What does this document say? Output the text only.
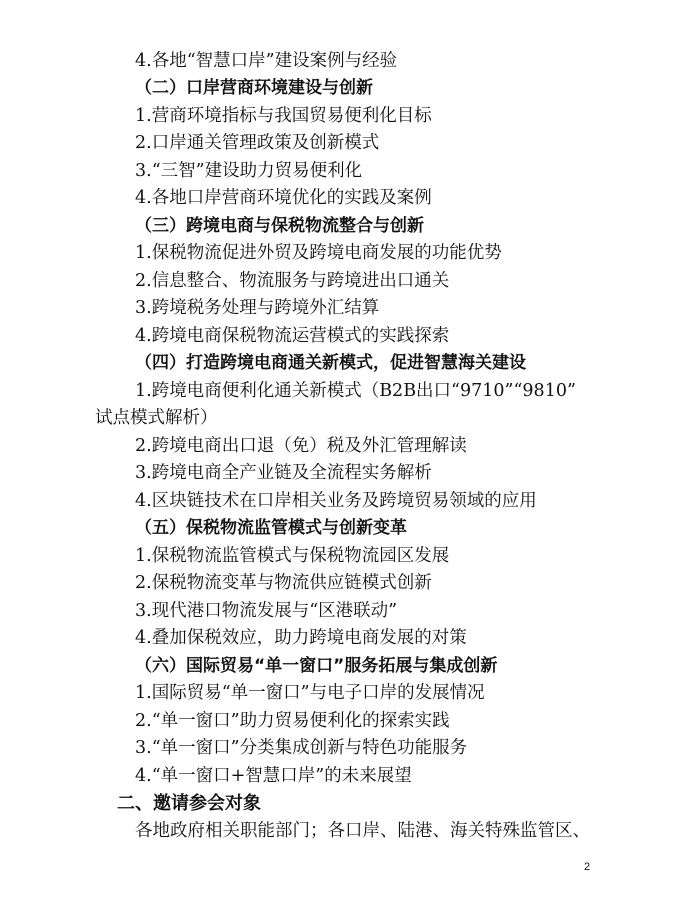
4.各地“智慧口岸”建设案例与经验
（二）口岸营商环境建设与创新
1.营商环境指标与我国贸易便利化目标
2.口岸通关管理政策及创新模式
3.“三智”建设助力贸易便利化
4.各地口岸营商环境优化的实践及案例
（三）跨境电商与保税物流整合与创新
1.保税物流促进外贸及跨境电商发展的功能优势
2.信息整合、物流服务与跨境进出口通关
3.跨境税务处理与跨境外汇结算
4.跨境电商保税物流运营模式的实践探索
（四）打造跨境电商通关新模式，促进智慧海关建设
1.跨境电商便利化通关新模式（B2B出口“9710”“9810”
试点模式解析）
2.跨境电商出口退（免）税及外汇管理解读
3.跨境电商全产业链及全流程实务解析
4.区块链技术在口岸相关业务及跨境贸易领域的应用
（五）保税物流监管模式与创新变革
1.保税物流监管模式与保税物流园区发展
2.保税物流变革与物流供应链模式创新
3.现代港口物流发展与“区港联动”
4.叠加保税效应，助力跨境电商发展的对策
（六）国际贸易“单一窗口”服务拓展与集成创新
1.国际贸易“单一窗口”与电子口岸的发展情况
2.“单一窗口”助力贸易便利化的探索实践
3.“单一窗口”分类集成创新与特色功能服务
4.“单一窗口+智慧口岸”的未来展望
二、邀请参会对象
各地政府相关职能部门；各口岸、陆港、海关特殊监管区、
2
